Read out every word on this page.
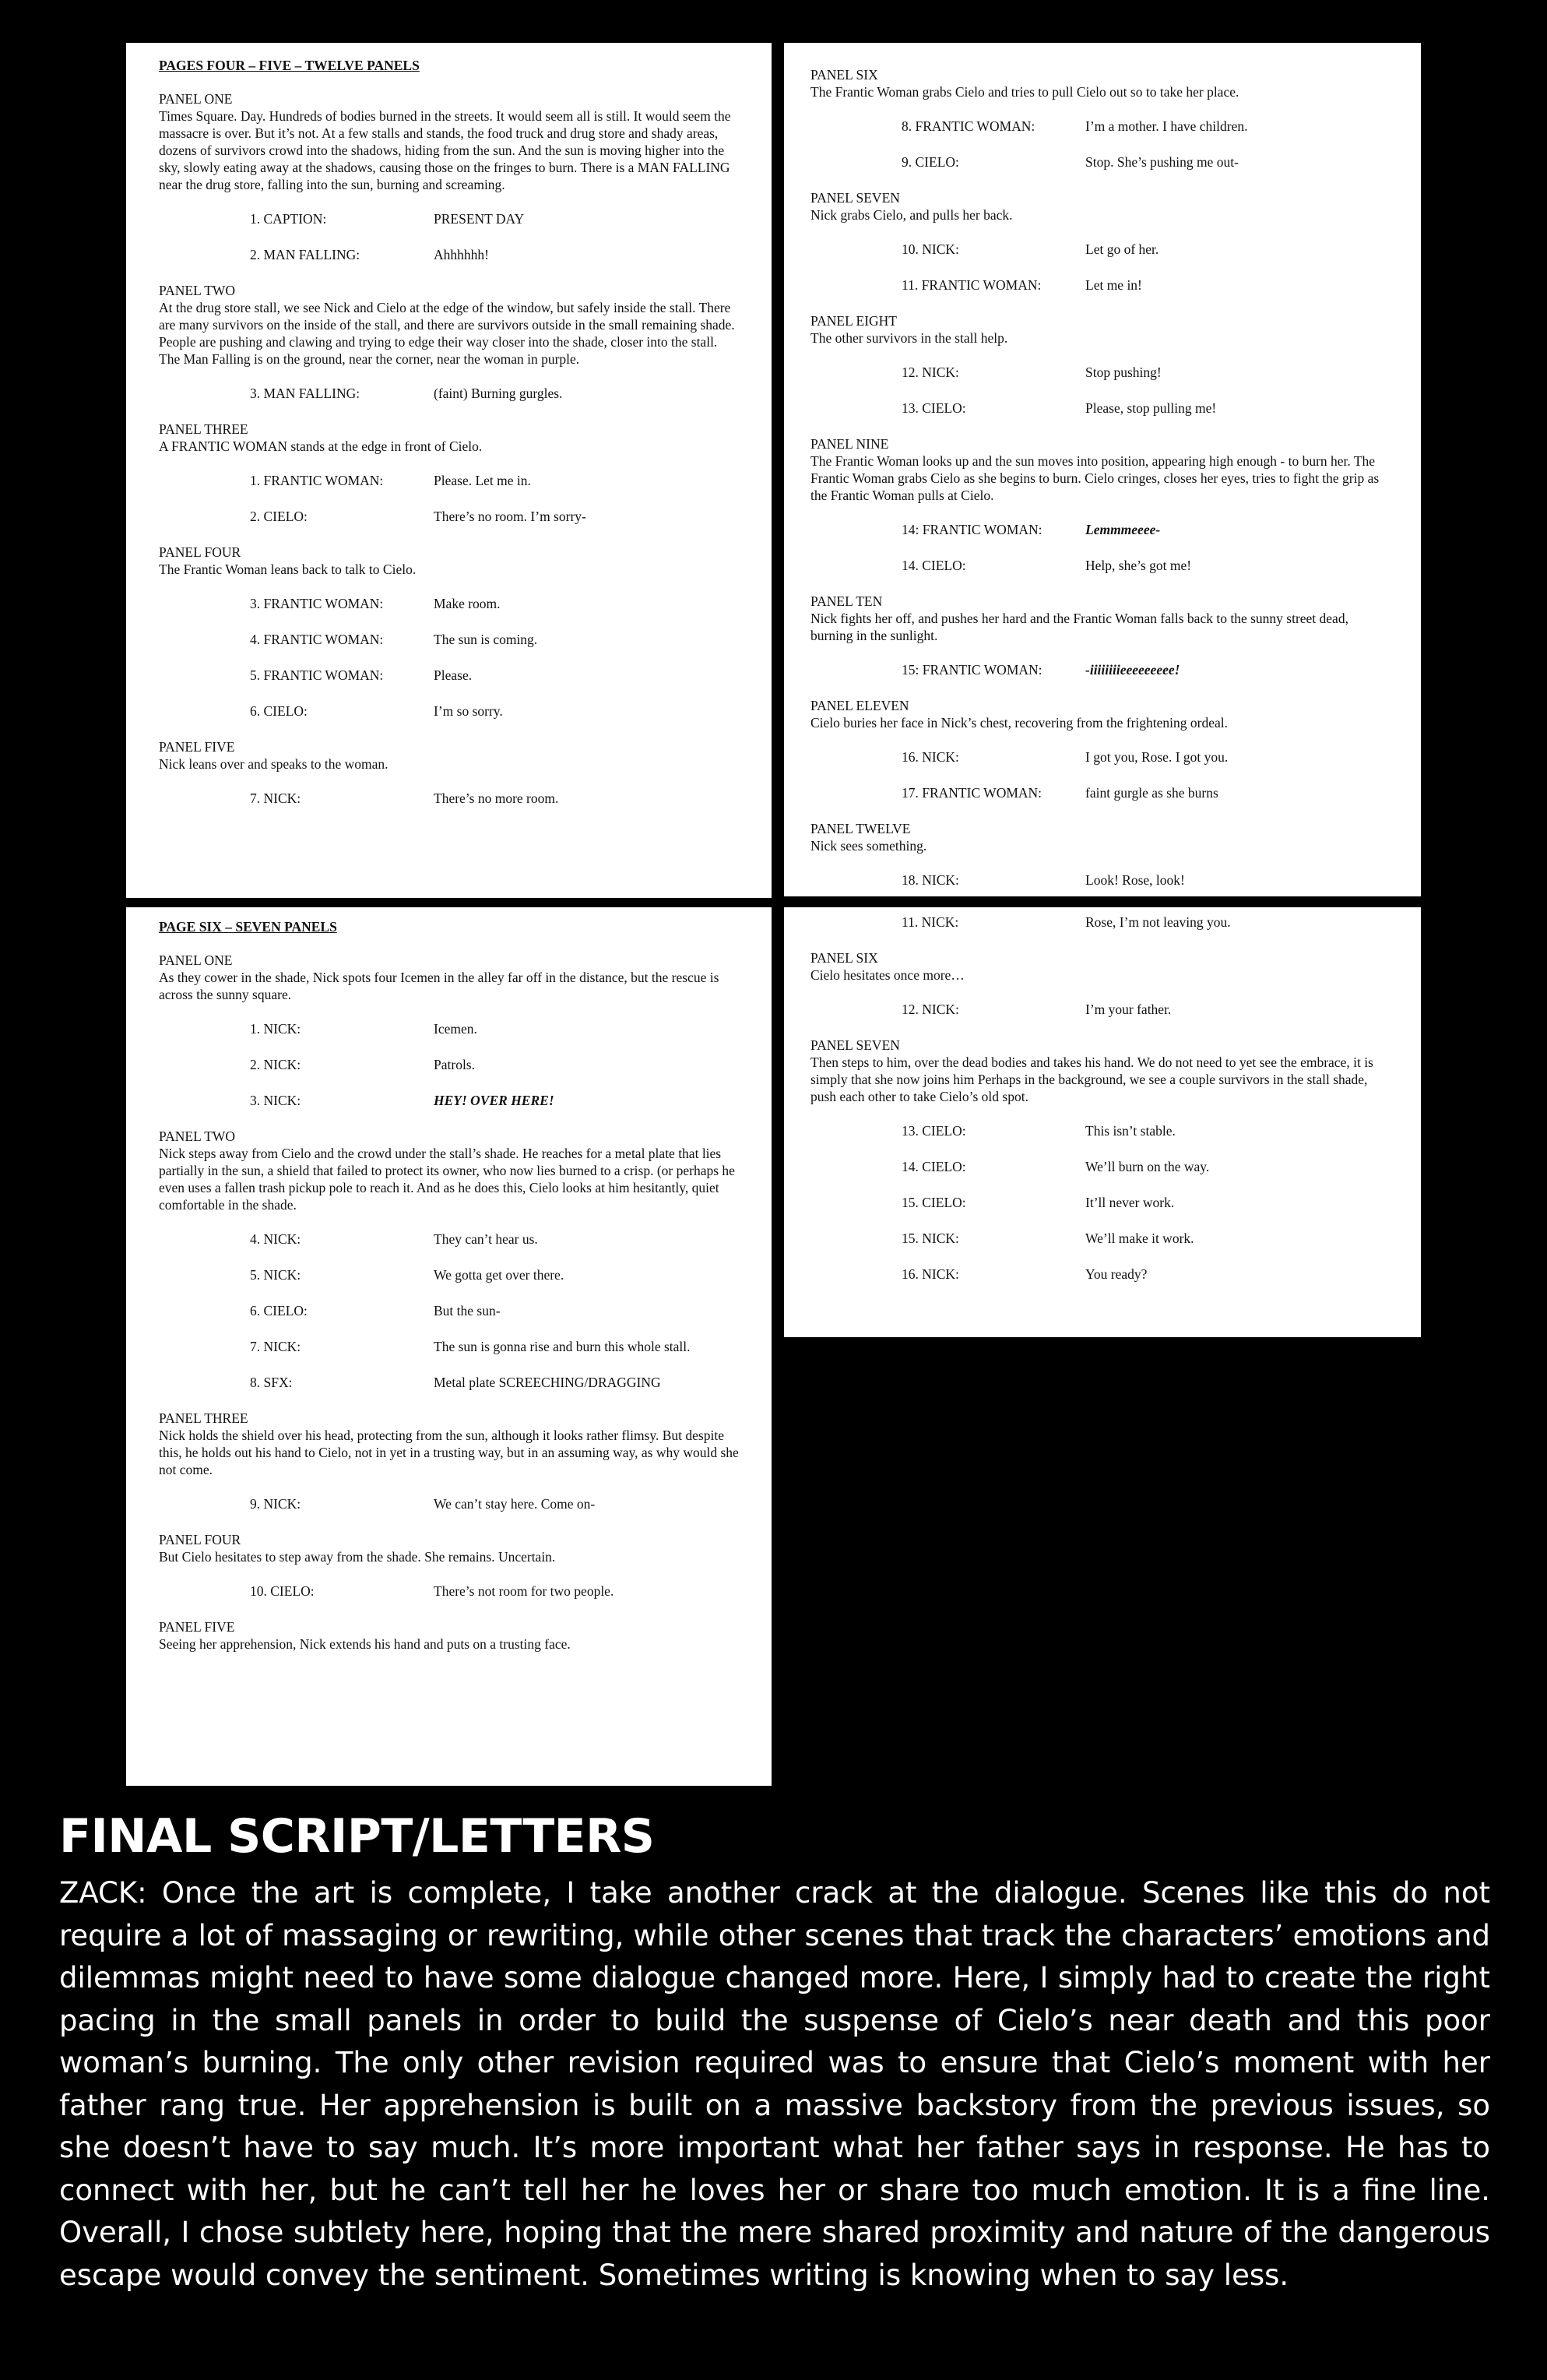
PAGES FOUR – FIVE – TWELVE PANELS

PANEL ONE

Times Square. Day. Hundreds of bodies burned in the streets. It would seem all is still. It would seem the massacre is over. But it’s not. At a few stalls and stands, the food truck and drug store and shady areas, dozens of survivors crowd into the shadows, hiding from the sun. And the sun is moving higher into the sky, slowly eating away at the shadows, causing those on the fringes to burn. There is a MAN FALLING near the drug store, falling into the sun, burning and screaming.

1. CAPTION:	PRESENT DAY
2. MAN FALLING:	Ahhhhhh!

PANEL TWO

At the drug store stall, we see Nick and Cielo at the edge of the window, but safely inside the stall. There are many survivors on the inside of the stall, and there are survivors outside in the small remaining shade. People are pushing and clawing and trying to edge their way closer into the shade, closer into the stall. The Man Falling is on the ground, near the corner, near the woman in purple.

3. MAN FALLING:	(faint) Burning gurgles.

PANEL THREE

A FRANTIC WOMAN stands at the edge in front of Cielo.

1. FRANTIC WOMAN:	Please. Let me in.
2. CIELO:	There’s no room. I’m sorry-

PANEL FOUR

The Frantic Woman leans back to talk to Cielo.

3. FRANTIC WOMAN:	Make room.
4. FRANTIC WOMAN:	The sun is coming.
5. FRANTIC WOMAN:	Please.
6. CIELO:	I’m so sorry.

PANEL FIVE

Nick leans over and speaks to the woman.

7. NICK:	There’s no more room.

PANEL SIX

The Frantic Woman grabs Cielo and tries to pull Cielo out so to take her place.

8. FRANTIC WOMAN:	I’m a mother. I have children.
9. CIELO:	Stop. She’s pushing me out-

PANEL SEVEN

Nick grabs Cielo, and pulls her back.

10. NICK:	Let go of her.
11. FRANTIC WOMAN:	Let me in!

PANEL EIGHT

The other survivors in the stall help.

12. NICK:	Stop pushing!
13. CIELO:	Please, stop pulling me!

PANEL NINE

The Frantic Woman looks up and the sun moves into position, appearing high enough - to burn her. The Frantic Woman grabs Cielo as she begins to burn. Cielo cringes, closes her eyes, tries to fight the grip as the Frantic Woman pulls at Cielo.

14: FRANTIC WOMAN:	Lemmmeeee-
14. CIELO:	Help, she’s got me!

PANEL TEN

Nick fights her off, and pushes her hard and the Frantic Woman falls back to the sunny street dead, burning in the sunlight.

15: FRANTIC WOMAN:	-iiiiiiiieeeeeeeee!

PANEL ELEVEN

Cielo buries her face in Nick’s chest, recovering from the frightening ordeal.

16. NICK:	I got you, Rose. I got you.
17. FRANTIC WOMAN:	faint gurgle as she burns

PANEL TWELVE

Nick sees something.

18. NICK:	Look! Rose, look!

PAGE SIX – SEVEN PANELS

PANEL ONE

As they cower in the shade, Nick spots four Icemen in the alley far off in the distance, but the rescue is across the sunny square.

1. NICK:	Icemen.
2. NICK:	Patrols.
3. NICK:	HEY! OVER HERE!

PANEL TWO

Nick steps away from Cielo and the crowd under the stall’s shade. He reaches for a metal plate that lies partially in the sun, a shield that failed to protect its owner, who now lies burned to a crisp. (or perhaps he even uses a fallen trash pickup pole to reach it. And as he does this, Cielo looks at him hesitantly, quiet comfortable in the shade.

4. NICK:	They can’t hear us.
5. NICK:	We gotta get over there.
6. CIELO:	But the sun-
7. NICK:	The sun is gonna rise and burn this whole stall.
8. SFX:	Metal plate SCREECHING/DRAGGING

PANEL THREE

Nick holds the shield over his head, protecting from the sun, although it looks rather flimsy. But despite this, he holds out his hand to Cielo, not in yet in a trusting way, but in an assuming way, as why would she not come.

9. NICK:	We can’t stay here. Come on-

PANEL FOUR

But Cielo hesitates to step away from the shade. She remains. Uncertain.

10. CIELO:	There’s not room for two people.

PANEL FIVE

Seeing her apprehension, Nick extends his hand and puts on a trusting face.

11. NICK:	Rose, I’m not leaving you.

PANEL SIX

Cielo hesitates once more…

12. NICK:	I’m your father.

PANEL SEVEN

Then steps to him, over the dead bodies and takes his hand. We do not need to yet see the embrace, it is simply that she now joins him Perhaps in the background, we see a couple survivors in the stall shade, push each other to take Cielo’s old spot.

13. CIELO:	This isn’t stable.
14. CIELO:	We’ll burn on the way.
15. CIELO:	It’ll never work.
15. NICK:	We’ll make it work.
16. NICK:	You ready?
FINAL SCRIPT/LETTERS

ZACK: Once the art is complete, I take another crack at the dialogue. Scenes like this do not require a lot of massaging or rewriting, while other scenes that track the characters’ emotions and dilemmas might need to have some dialogue changed more. Here, I simply had to create the right pacing in the small panels in order to build the suspense of Cielo’s near death and this poor woman’s burning. The only other revision required was to ensure that Cielo’s moment with her father rang true. Her apprehension is built on a massive backstory from the previous issues, so she doesn’t have to say much. It’s more important what her father says in response. He has to connect with her, but he can’t tell her he loves her or share too much emotion. It is a fine line. Overall, I chose subtlety here, hoping that the mere shared proximity and nature of the dangerous escape would convey the sentiment. Sometimes writing is knowing when to say less.
